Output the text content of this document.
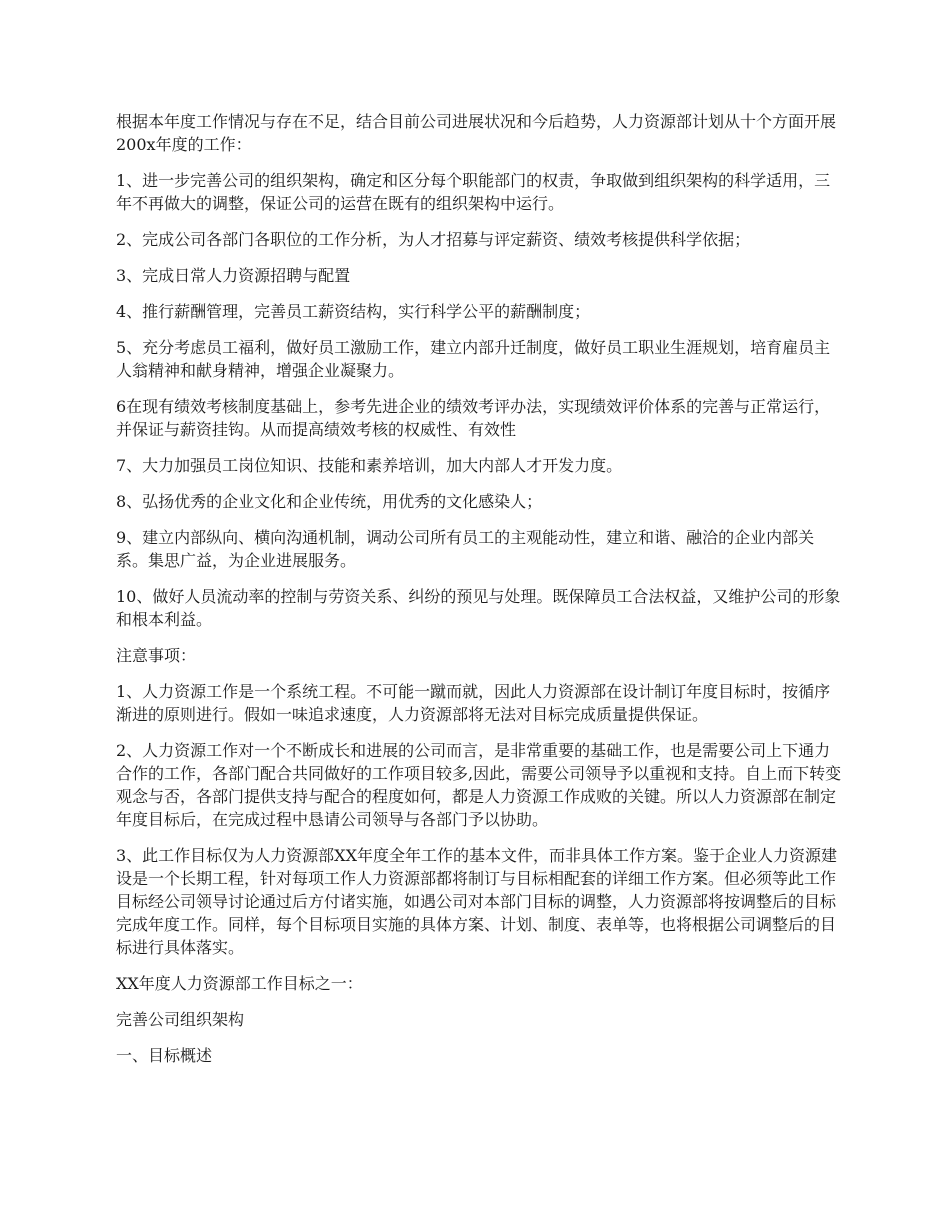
根据本年度工作情况与存在不足，结合目前公司进展状况和今后趋势，人力资源部计划从十个方面开展200x年度的工作：

1、进一步完善公司的组织架构，确定和区分每个职能部门的权责，争取做到组织架构的科学适用，三年不再做大的调整，保证公司的运营在既有的组织架构中运行。

2、完成公司各部门各职位的工作分析，为人才招募与评定薪资、绩效考核提供科学依据；

3、完成日常人力资源招聘与配置

4、推行薪酬管理，完善员工薪资结构，实行科学公平的薪酬制度；

5、充分考虑员工福利，做好员工激励工作，建立内部升迁制度，做好员工职业生涯规划，培育雇员主人翁精神和献身精神，增强企业凝聚力。

6在现有绩效考核制度基础上，参考先进企业的绩效考评办法，实现绩效评价体系的完善与正常运行，并保证与薪资挂钩。从而提高绩效考核的权威性、有效性

7、大力加强员工岗位知识、技能和素养培训，加大内部人才开发力度。

8、弘扬优秀的企业文化和企业传统，用优秀的文化感染人；

9、建立内部纵向、横向沟通机制，调动公司所有员工的主观能动性，建立和谐、融洽的企业内部关系。集思广益，为企业进展服务。

10、做好人员流动率的控制与劳资关系、纠纷的预见与处理。既保障员工合法权益，又维护公司的形象和根本利益。

注意事项：

1、人力资源工作是一个系统工程。不可能一蹴而就，因此人力资源部在设计制订年度目标时，按循序渐进的原则进行。假如一味追求速度，人力资源部将无法对目标完成质量提供保证。

2、人力资源工作对一个不断成长和进展的公司而言，是非常重要的基础工作，也是需要公司上下通力合作的工作，各部门配合共同做好的工作项目较多,因此，需要公司领导予以重视和支持。自上而下转变观念与否，各部门提供支持与配合的程度如何，都是人力资源工作成败的关键。所以人力资源部在制定年度目标后，在完成过程中恳请公司领导与各部门予以协助。

3、此工作目标仅为人力资源部XX年度全年工作的基本文件，而非具体工作方案。鉴于企业人力资源建设是一个长期工程，针对每项工作人力资源部都将制订与目标相配套的详细工作方案。但必须等此工作目标经公司领导讨论通过后方付诸实施，如遇公司对本部门目标的调整，人力资源部将按调整后的目标完成年度工作。同样，每个目标项目实施的具体方案、计划、制度、表单等，也将根据公司调整后的目标进行具体落实。

XX年度人力资源部工作目标之一：

完善公司组织架构

一、目标概述
